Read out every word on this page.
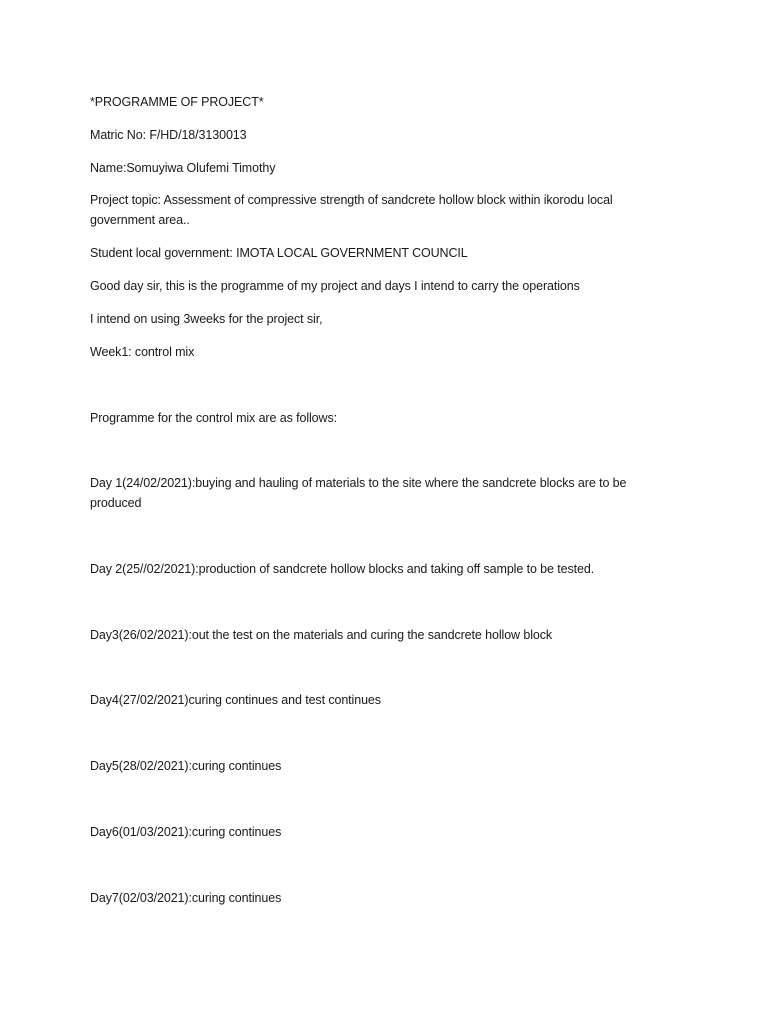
*PROGRAMME OF PROJECT*

Matric No: F/HD/18/3130013

Name:Somuyiwa Olufemi Timothy

Project topic: Assessment of compressive strength of sandcrete hollow block within ikorodu local government area..

Student local government: IMOTA LOCAL GOVERNMENT COUNCIL

Good day sir, this is the programme of my project and days I intend to carry the operations

I intend on using 3weeks for the project sir,

Week1: control mix

Programme for the control mix are as follows:

Day 1(24/02/2021):buying and hauling of materials to the site where the sandcrete blocks are to be produced

Day 2(25//02/2021):production of sandcrete hollow blocks and taking off sample to be tested.

Day3(26/02/2021):out the test on the materials and curing the sandcrete hollow block

Day4(27/02/2021)curing continues and test continues

Day5(28/02/2021):curing continues

Day6(01/03/2021):curing continues

Day7(02/03/2021):curing continues
